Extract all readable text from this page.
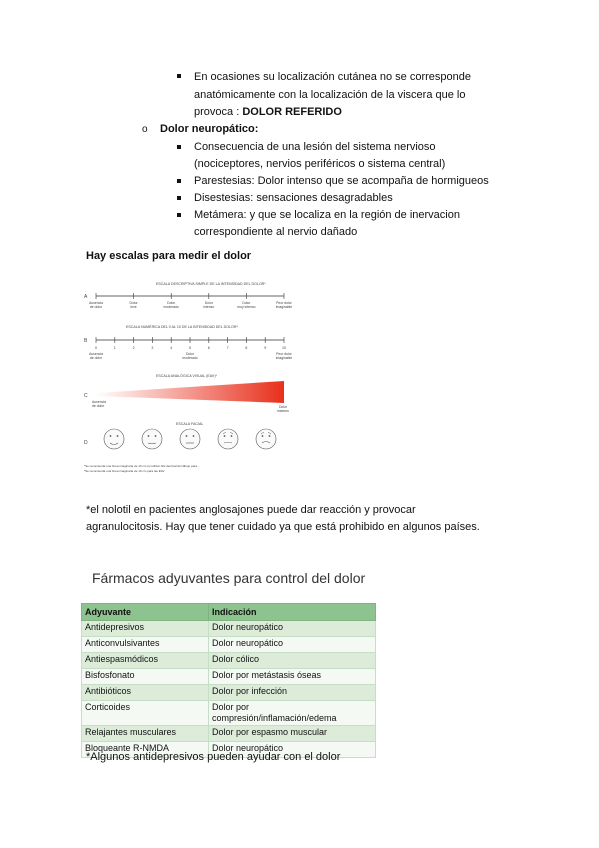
En ocasiones su localización cutánea no se corresponde
anatómicamente con la localización de la viscera que lo
provoca : DOLOR REFERIDO
o Dolor neuropático:
Consecuencia de una lesión del sistema nervioso
(nociceptores, nervios periféricos o sistema central)
Parestesias: Dolor intenso que se acompaña de hormigueos
Disestesias: sensaciones desagradables
Metámera: y que se localiza en la región de inervacion
correspondiente al nervio dañado
Hay escalas para medir el dolor
ESCALA DESCRIPTIVA SIMPLE DE LA INTENSIDAD DEL DOLOR*
A
Ausencia
de dolor
Dolor
leve
Dolor
moderado
Dolor
intenso
Dolor
muy intenso
Peor dolor
imaginable
ESCALA NUMÉRICA DEL 0 AL 10 DE LA INTENSIDAD DEL DOLOR*
B
0	1	2	3	4	5	6	7	8	9	10
Ausencia
de dolor
Dolor
moderado
Peor dolor
imaginable
ESCALA ANALÓGICA VISUAL (EAV)*
C
Ausencia
de dolor	Dolor
máximo
ESCALA FACIAL
D
*Se recomienda una línea imaginaria de 10 cm (si utilizar bits decimal del dibujo para...
*Se recomienda una línea imaginaria de 10 cm para las EAV
*el nolotil en pacientes anglosajones puede dar reacción y provocar
agranulocitosis. Hay que tener cuidado ya que está prohibido en algunos países.
Fármacos adyuvantes para control del dolor
Adyuvante	Indicación
Antidepresivos	Dolor neuropático
Anticonvulsivantes	Dolor neuropático
Antiespasmódicos	Dolor cólico
Bisfosfonato	Dolor por metástasis óseas
Antibióticos	Dolor por infección
Corticoides	Dolor por compresión/inflamación/edema
Relajantes musculares	Dolor por espasmo muscular
Bloqueante R-NMDA	Dolor neuropático
*Algunos antidepresivos pueden ayudar con el dolor
